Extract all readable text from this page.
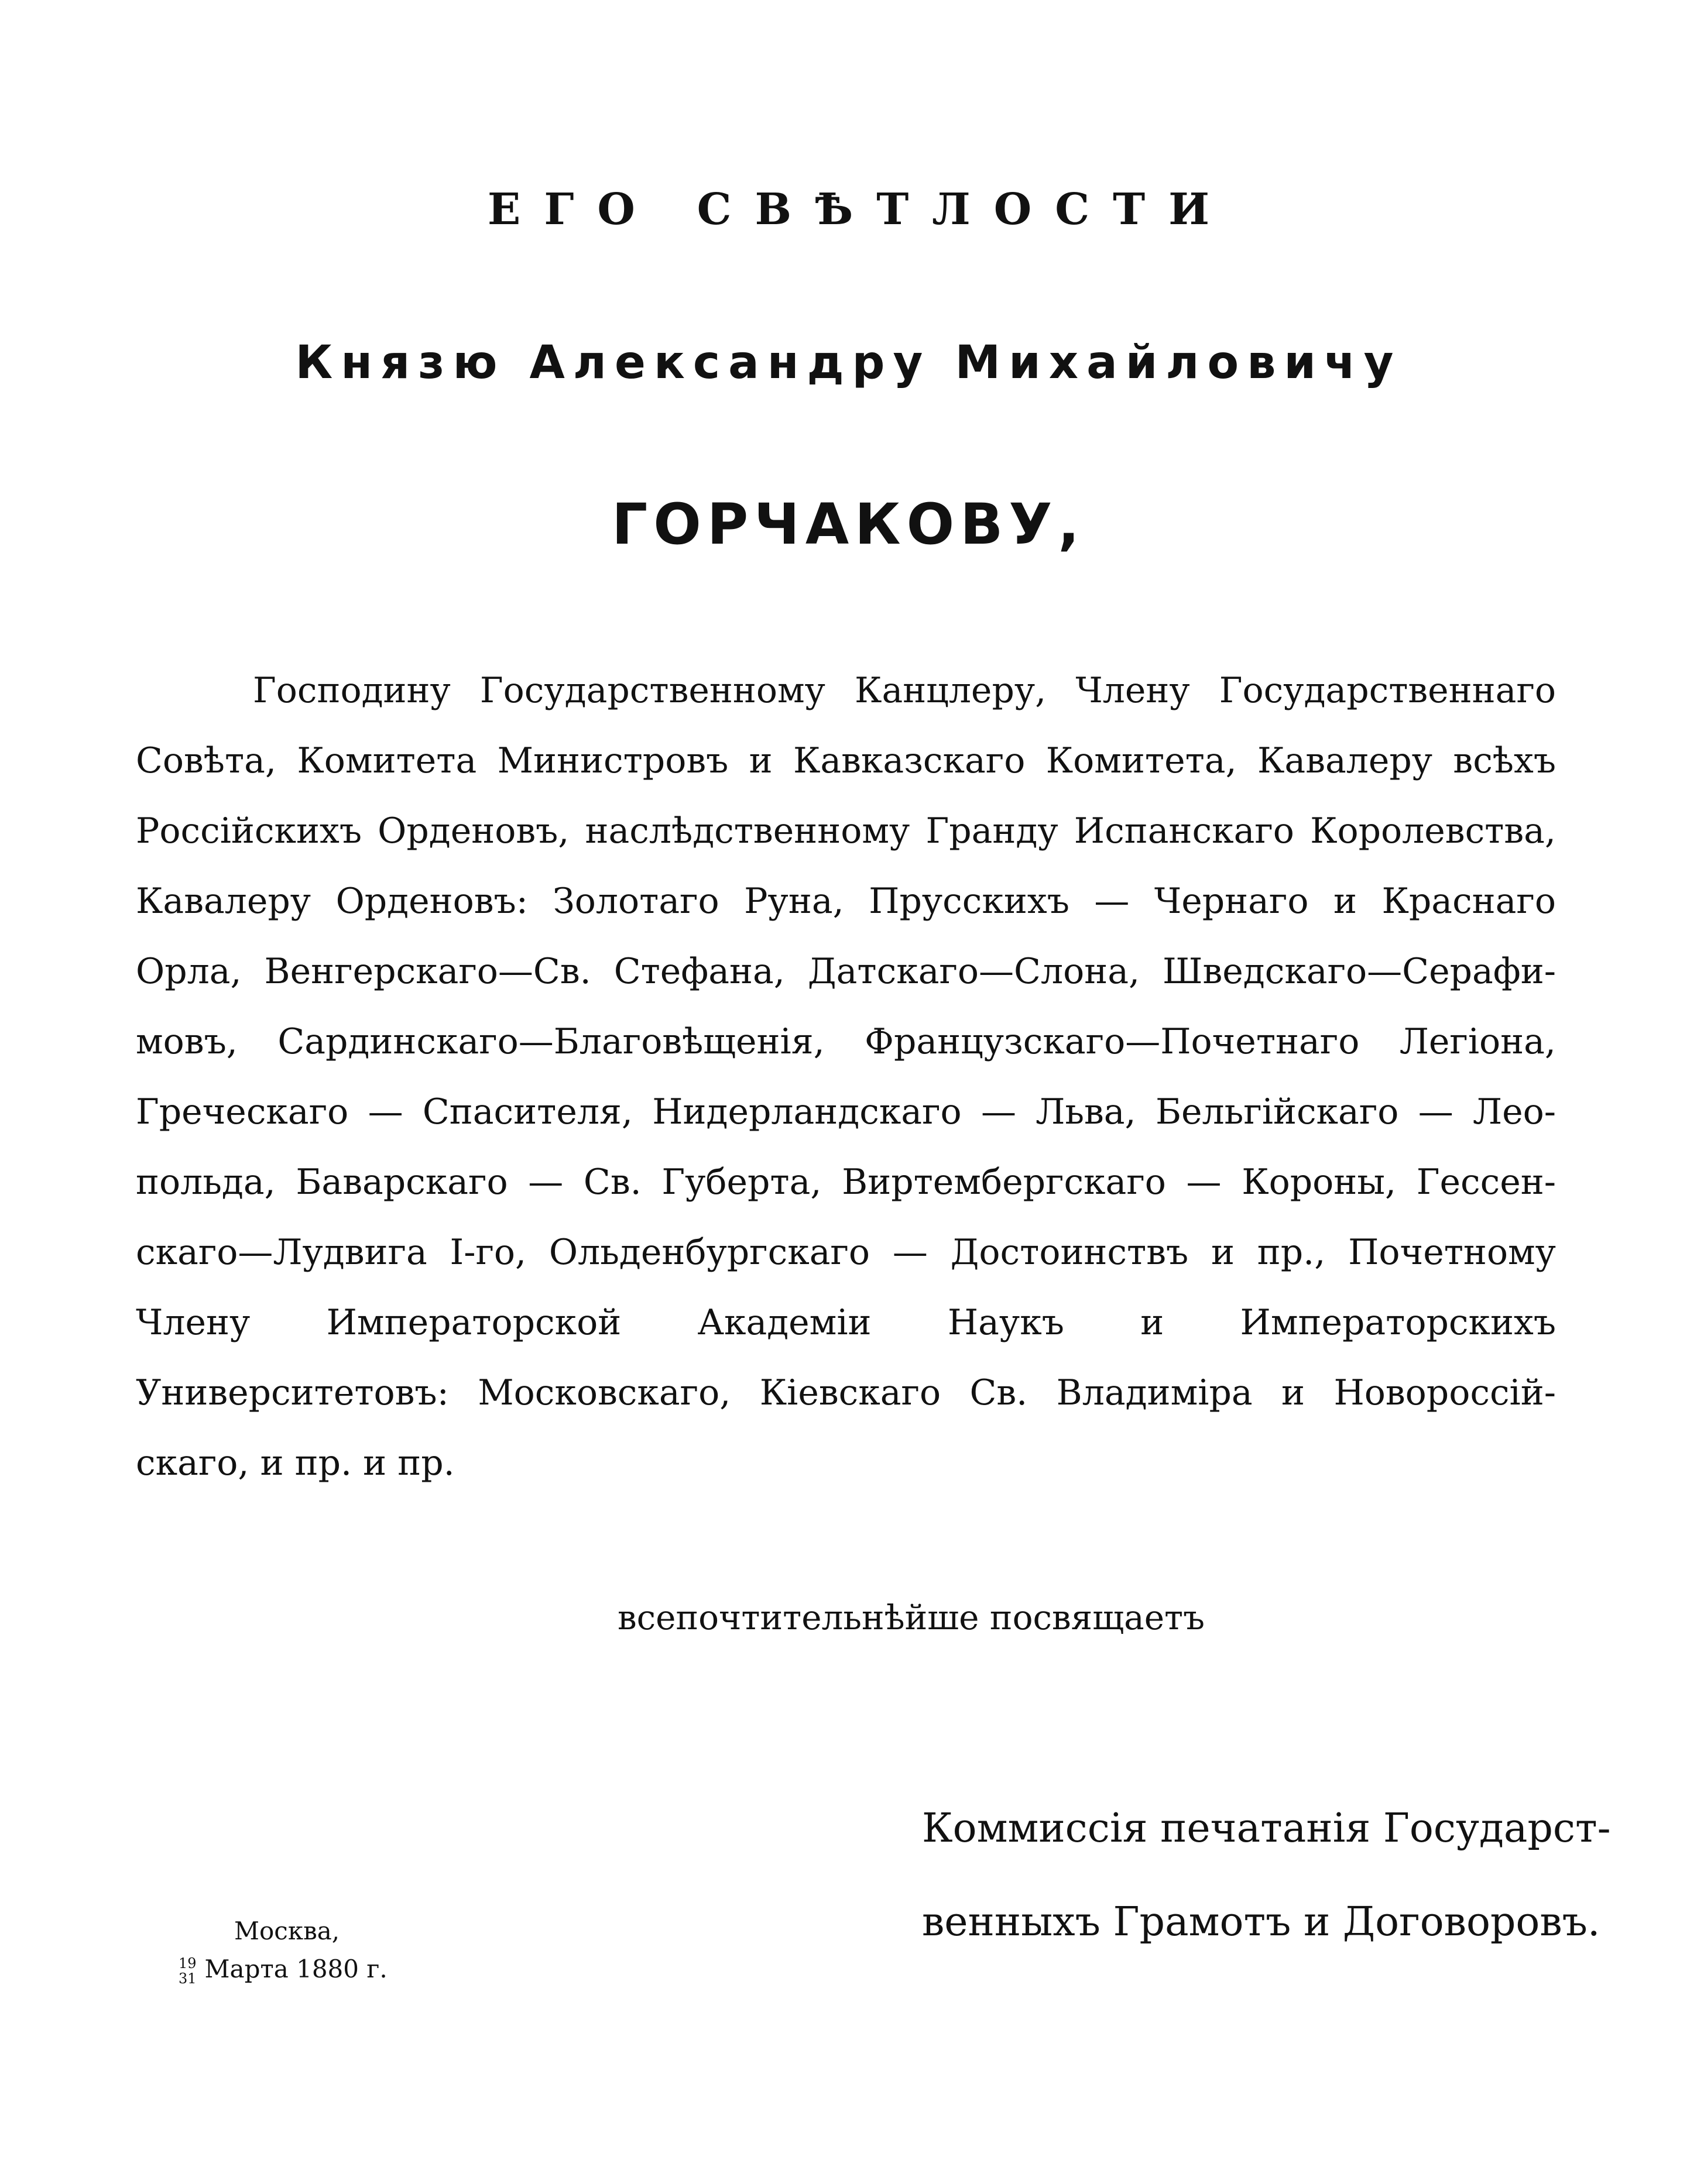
ЕГО СВѢТЛОСТИ
Князю Александру Михайловичу
ГОРЧАКОВУ,
Господину Государственному Канцлеру, Члену Государственнаго
Совѣта, Комитета Министровъ и Кавказскаго Комитета, Кавалеру всѣхъ
Россійскихъ Орденовъ, наслѣдственному Гранду Испанскаго Королевства,
Кавалеру Орденовъ: Золотаго Руна, Прусскихъ — Чернаго и Краснаго
Орла, Венгерскаго—Св. Стефана, Датскаго—Слона, Шведскаго—Серафи-
мовъ, Сардинскаго—Благовѣщенія, Французскаго—Почетнаго Легіона,
Греческаго — Спасителя, Нидерландскаго — Льва, Бельгійскаго — Лео-
польда, Баварскаго — Св. Губерта, Виртембергскаго — Короны, Гессен-
скаго—Лудвига I-го, Ольденбургскаго — Достоинствъ и пр., Почетному
Члену Императорской Академіи Наукъ и Императорскихъ
Университетовъ: Московскаго, Кіевскаго Св. Владиміра и Новороссій-
скаго, и пр. и пр.

всепочтительнѣйше посвящаетъ

Коммиссія печатанія Государст-
венныхъ Грамотъ и Договоровъ.
Москва,
19
31 Марта 1880 г.
